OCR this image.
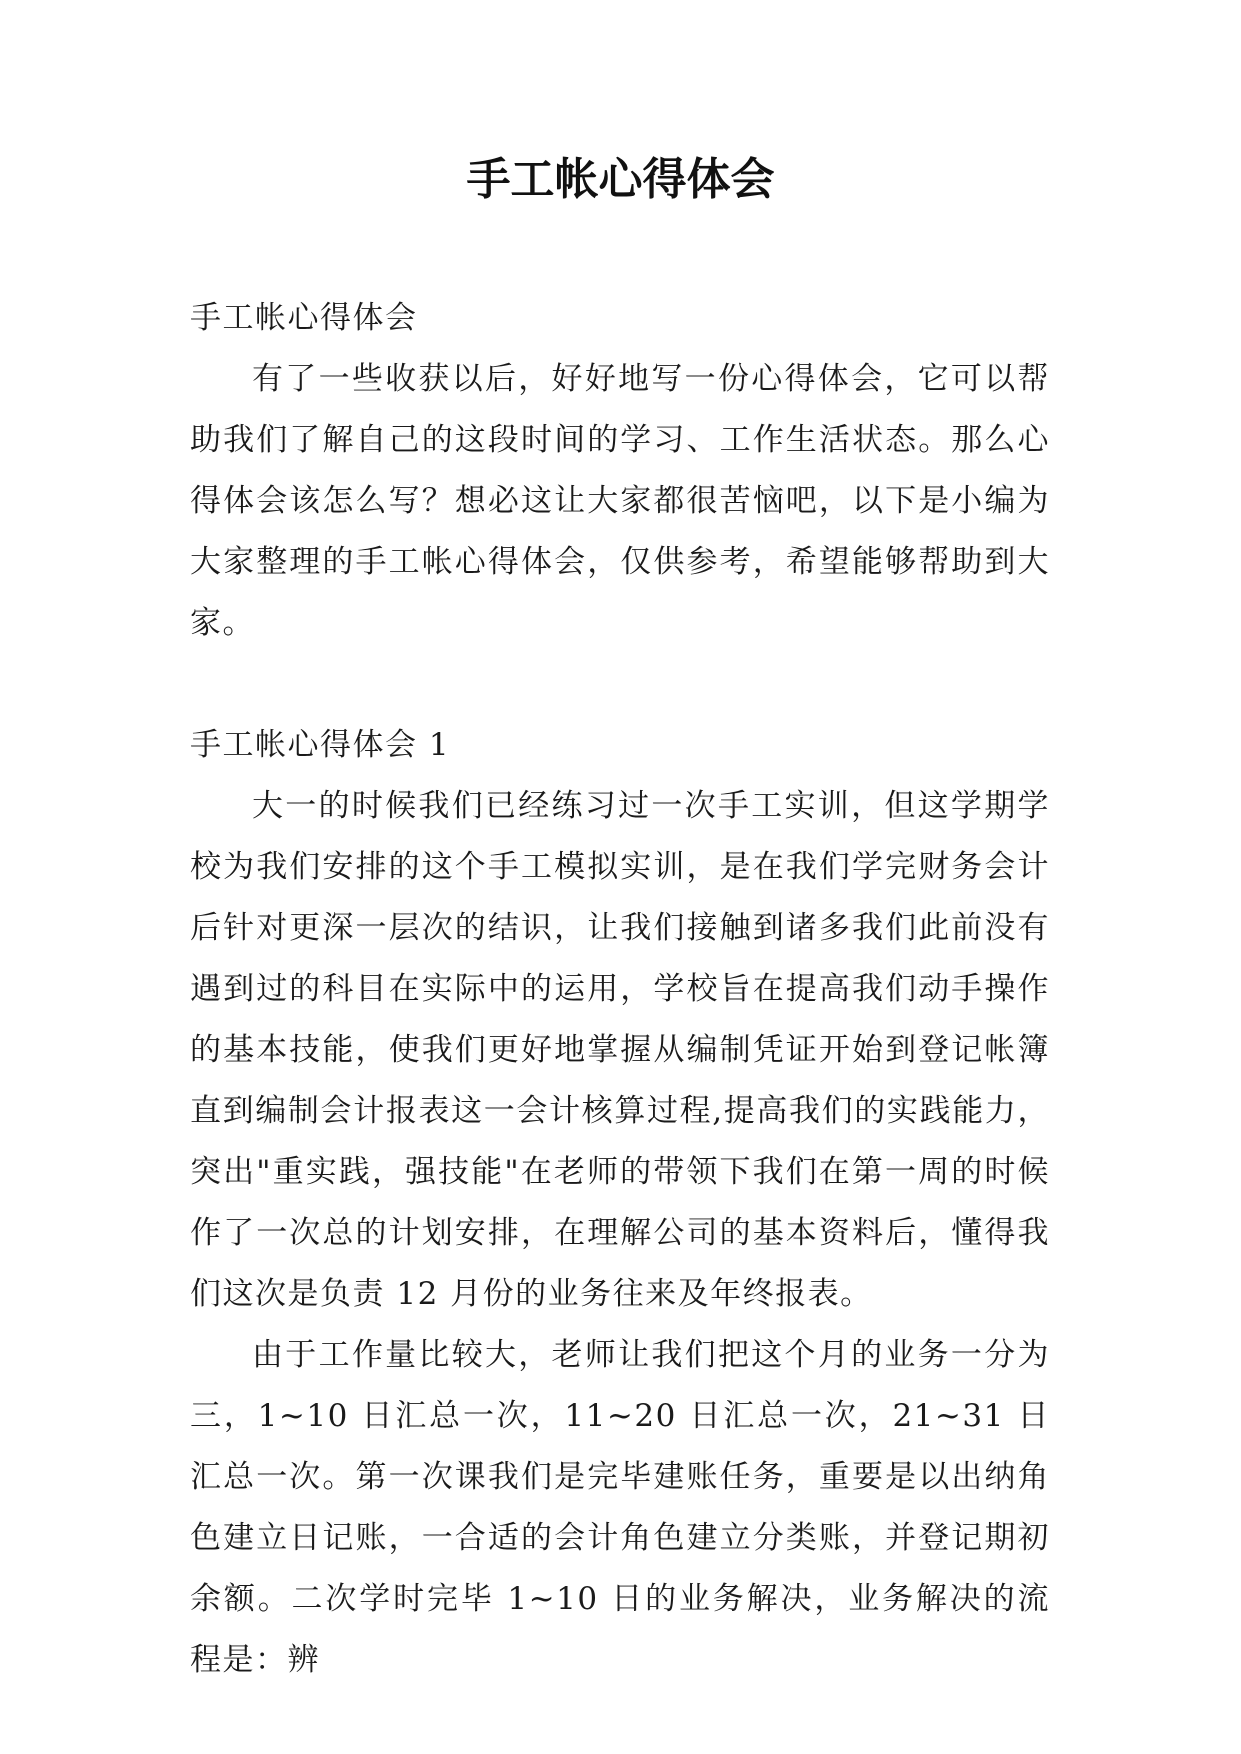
手工帐心得体会

手工帐心得体会

有了一些收获以后，好好地写一份心得体会，它可以帮助我们了解自己的这段时间的学习、工作生活状态。那么心得体会该怎么写？想必这让大家都很苦恼吧，以下是小编为大家整理的手工帐心得体会，仅供参考，希望能够帮助到大家。

手工帐心得体会 1

大一的时候我们已经练习过一次手工实训，但这学期学校为我们安排的这个手工模拟实训，是在我们学完财务会计后针对更深一层次的结识，让我们接触到诸多我们此前没有遇到过的科目在实际中的运用，学校旨在提高我们动手操作的基本技能，使我们更好地掌握从编制凭证开始到登记帐簿直到编制会计报表这一会计核算过程,提高我们的实践能力，突出"重实践，强技能"在老师的带领下我们在第一周的时候作了一次总的计划安排，在理解公司的基本资料后，懂得我们这次是负责 12 月份的业务往来及年终报表。

由于工作量比较大，老师让我们把这个月的业务一分为三，1~10 日汇总一次，11~20 日汇总一次，21~31 日汇总一次。第一次课我们是完毕建账任务，重要是以出纳角色建立日记账，一合适的会计角色建立分类账，并登记期初余额。二次学时完毕 1~10 日的业务解决，业务解决的流程是：辨
